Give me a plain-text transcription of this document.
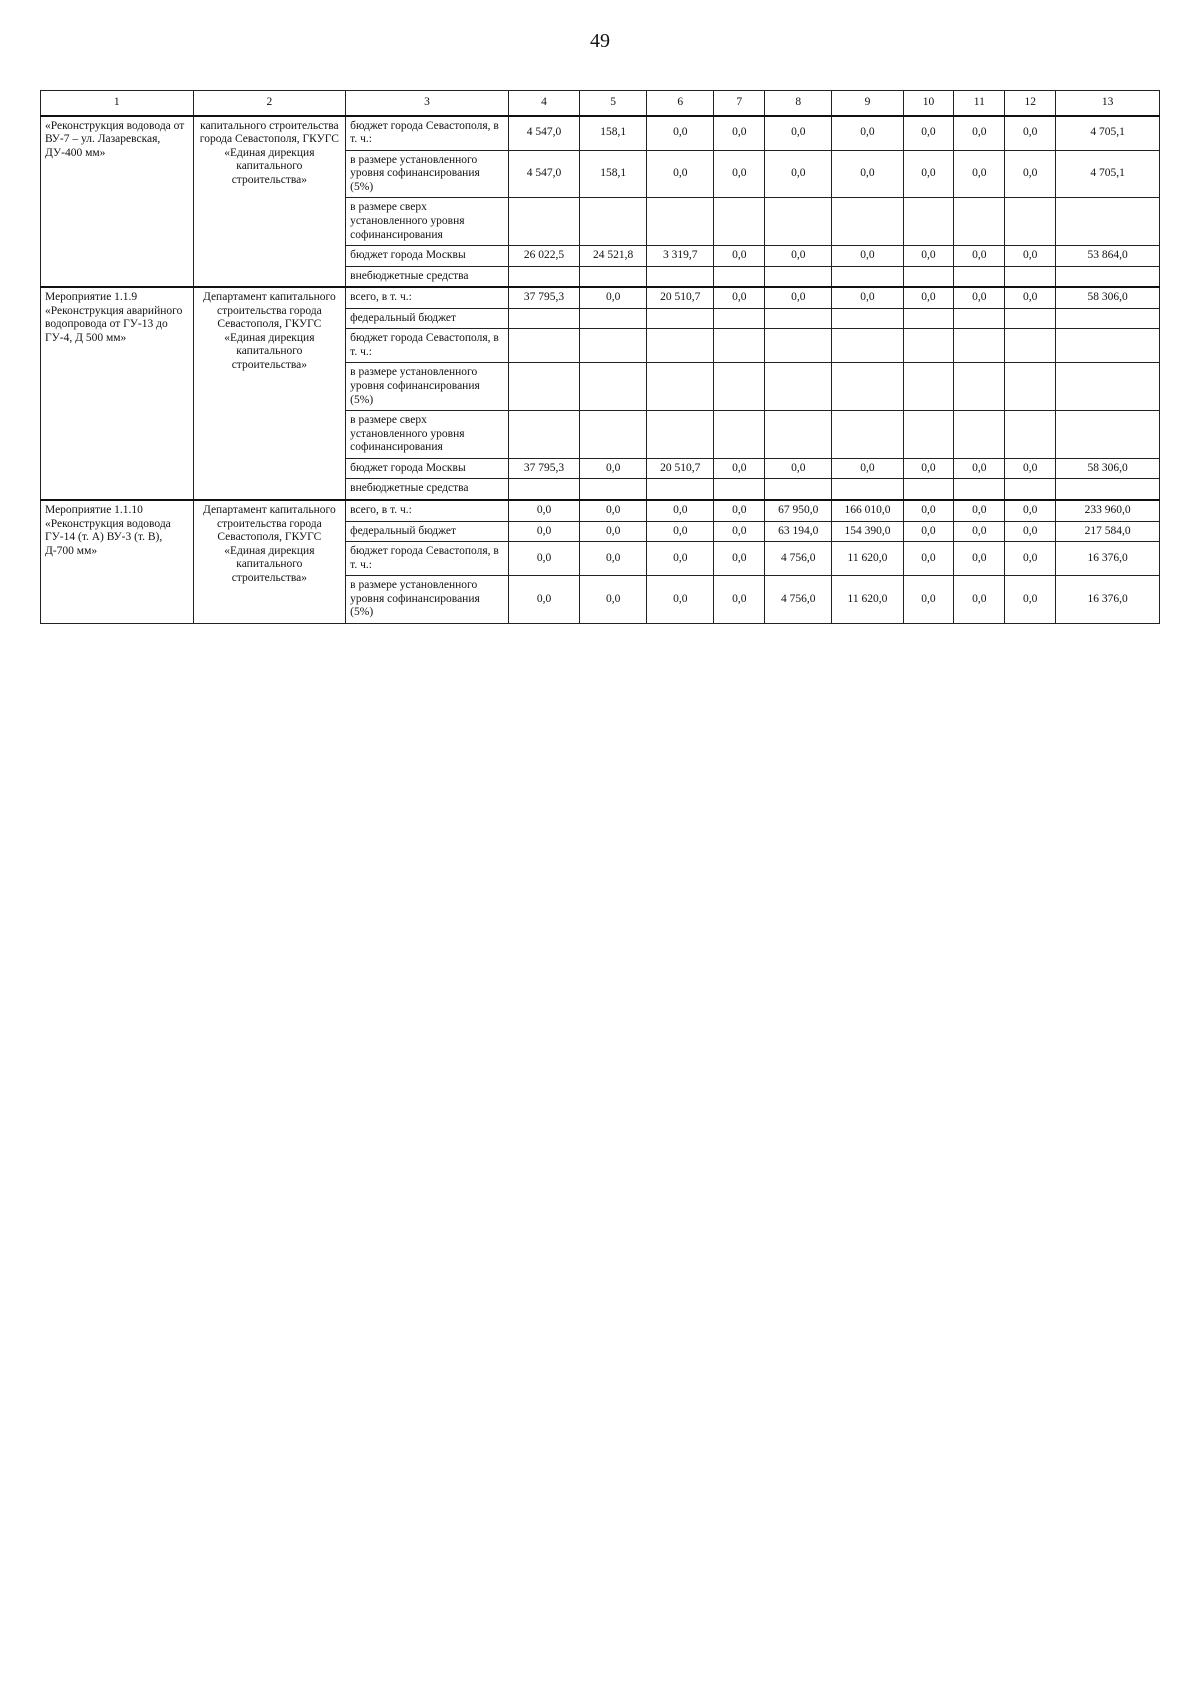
49
1	2	3	4	5	6	7	8	9	10	11	12	13
«Реконструкция водовода от ВУ-7 – ул. Лазаревская, ДУ-400 мм»	капитального строительства города Севастополя, ГКУГС «Единая дирекция капитального строительства»	бюджет города Севастополя, в т. ч.:	4 547,0	158,1	0,0	0,0	0,0	0,0	0,0	0,0	0,0	4 705,1
		в размере установленного уровня софинансирования (5%)	4 547,0	158,1	0,0	0,0	0,0	0,0	0,0	0,0	0,0	4 705,1
		в размере сверх установленного уровня софинансирования										
		бюджет города Москвы	26 022,5	24 521,8	3 319,7	0,0	0,0	0,0	0,0	0,0	0,0	53 864,0
		внебюджетные средства										
Мероприятие 1.1.9 «Реконструкция аварийного водопровода от ГУ-13 до ГУ-4, Д 500 мм»	Департамент капитального строительства города Севастополя, ГКУГС «Единая дирекция капитального строительства»	всего, в т. ч.:	37 795,3	0,0	20 510,7	0,0	0,0	0,0	0,0	0,0	0,0	58 306,0
		федеральный бюджет										
		бюджет города Севастополя, в т. ч.:										
		в размере установленного уровня софинансирования (5%)										
		в размере сверх установленного уровня софинансирования										
		бюджет города Москвы	37 795,3	0,0	20 510,7	0,0	0,0	0,0	0,0	0,0	0,0	58 306,0
		внебюджетные средства										
Мероприятие 1.1.10 «Реконструкция водовода ГУ-14 (т. А) ВУ-3 (т. В), Д-700 мм»	Департамент капитального строительства города Севастополя, ГКУГС «Единая дирекция капитального строительства»	всего, в т. ч.:	0,0	0,0	0,0	0,0	67 950,0	166 010,0	0,0	0,0	0,0	233 960,0
		федеральный бюджет	0,0	0,0	0,0	0,0	63 194,0	154 390,0	0,0	0,0	0,0	217 584,0
		бюджет города Севастополя, в т. ч.:	0,0	0,0	0,0	0,0	4 756,0	11 620,0	0,0	0,0	0,0	16 376,0
		в размере установленного уровня софинансирования (5%)	0,0	0,0	0,0	0,0	4 756,0	11 620,0	0,0	0,0	0,0	16 376,0
